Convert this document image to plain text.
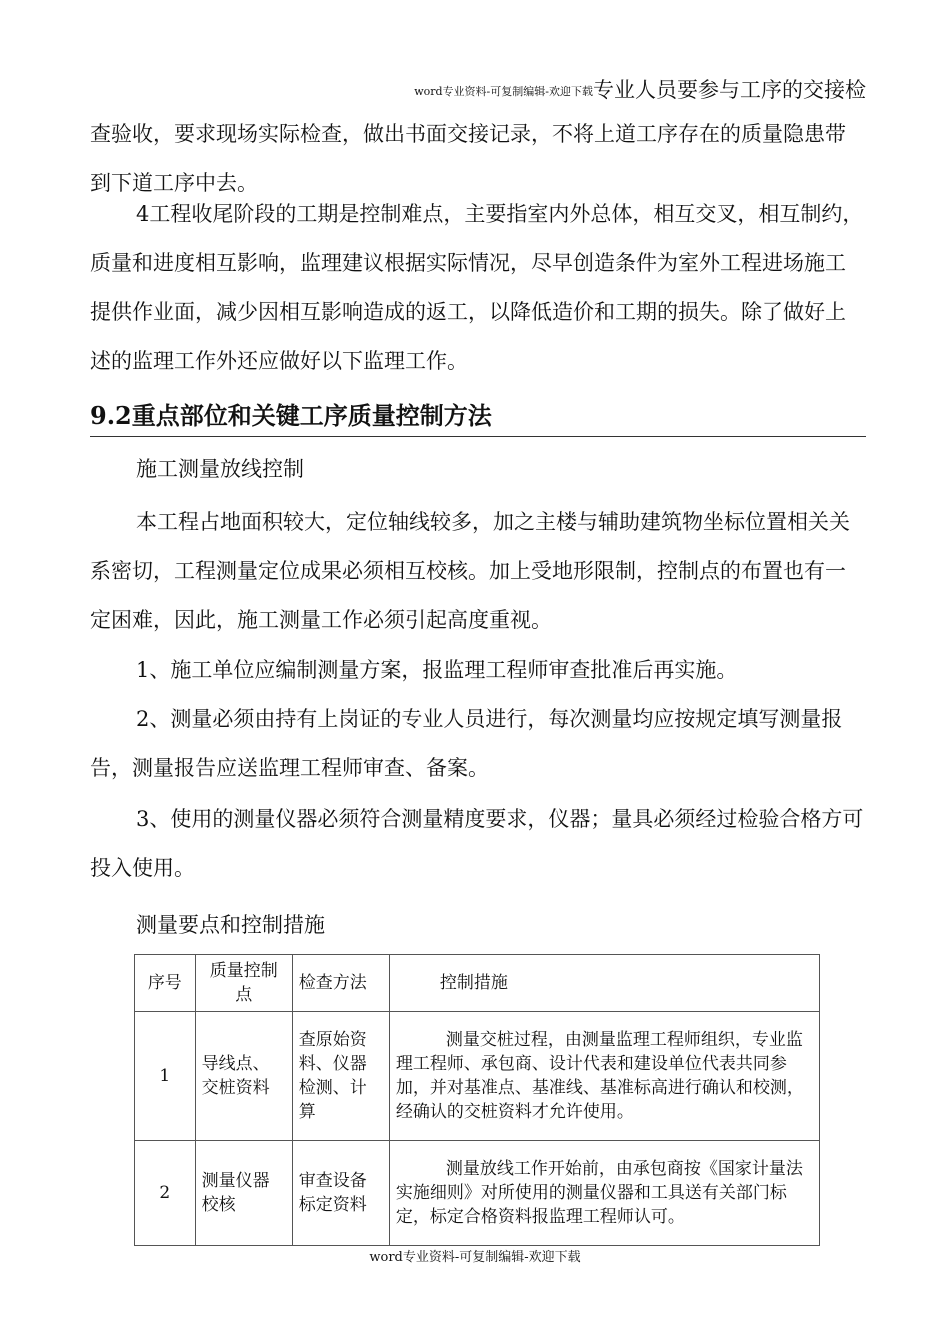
word专业资料-可复制编辑-欢迎下载专业人员要参与工序的交接检

查验收，要求现场实际检查，做出书面交接记录，不将上道工序存在的质量隐患带到下道工序中去。

4工程收尾阶段的工期是控制难点，主要指室内外总体，相互交叉，相互制约，质量和进度相互影响，监理建议根据实际情况，尽早创造条件为室外工程进场施工提供作业面，减少因相互影响造成的返工，以降低造价和工期的损失。除了做好上述的监理工作外还应做好以下监理工作。

9.2重点部位和关键工序质量控制方法

施工测量放线控制

本工程占地面积较大，定位轴线较多，加之主楼与辅助建筑物坐标位置相关关系密切，工程测量定位成果必须相互校核。加上受地形限制，控制点的布置也有一定困难，因此，施工测量工作必须引起高度重视。

1、施工单位应编制测量方案，报监理工程师审查批准后再实施。

2、测量必须由持有上岗证的专业人员进行，每次测量均应按规定填写测量报告，测量报告应送监理工程师审查、备案。

3、使用的测量仪器必须符合测量精度要求，仪器；量具必须经过检验合格方可投入使用。

测量要点和控制措施

序号	质量控制点	检查方法	控制措施
1	导线点、交桩资料	查原始资料、仪器检测、计算	测量交桩过程，由测量监理工程师组织，专业监理工程师、承包商、设计代表和建设单位代表共同参加，并对基准点、基准线、基准标高进行确认和校测，经确认的交桩资料才允许使用。
2	测量仪器校核	审查设备标定资料	测量放线工作开始前，由承包商按《国家计量法实施细则》对所使用的测量仪器和工具送有关部门标定，标定合格资料报监理工程师认可。
word专业资料-可复制编辑-欢迎下载
